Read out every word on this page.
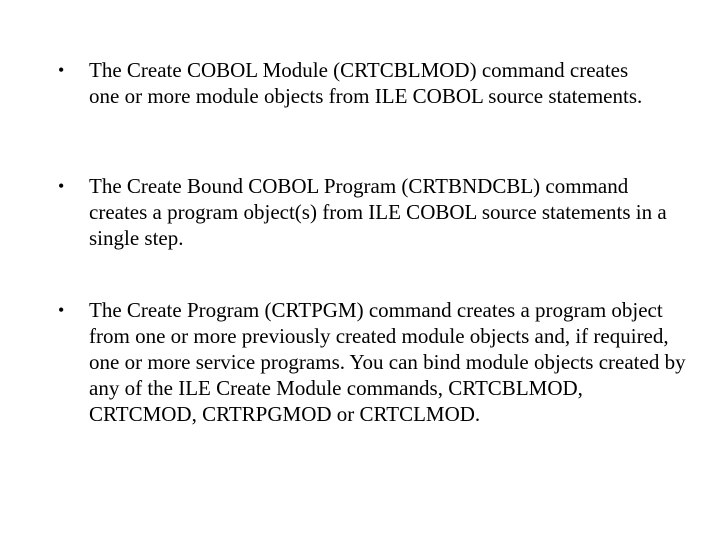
• The Create COBOL Module (CRTCBLMOD) command creates one or more module objects from ILE COBOL source statements.
• The Create Bound COBOL Program (CRTBNDCBL) command creates a program object(s) from ILE COBOL source statements in a single step.
• The Create Program (CRTPGM) command creates a program object from one or more previously created module objects and, if required, one or more service programs. You can bind module objects created by any of the ILE Create Module commands, CRTCBLMOD, CRTCMOD, CRTRPGMOD or CRTCLMOD.
